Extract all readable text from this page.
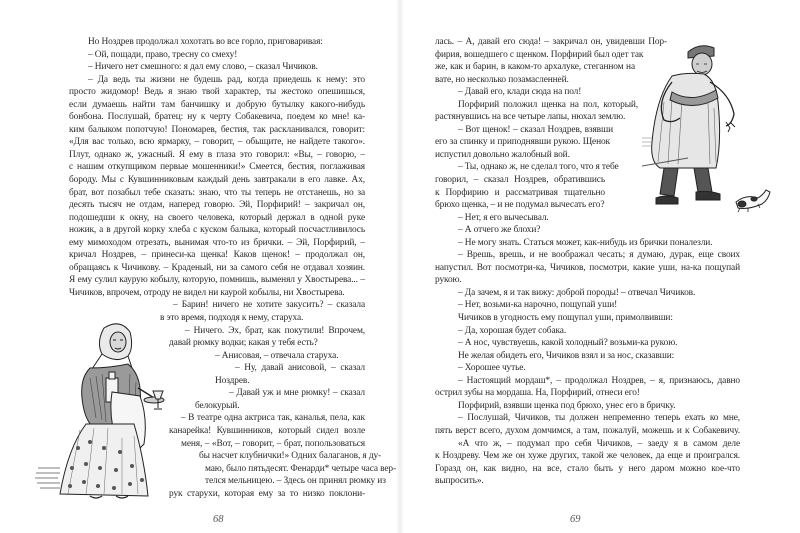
Но Ноздрев продолжал хохотать во все горло, приговаривая:
– Ой, пощади, право, тресну со смеху!
– Ничего нет смешного: я дал ему слово, – сказал Чичиков.
– Да ведь ты жизни не будешь рад, когда приедешь к нему: это
просто жидомор! Ведь я знаю твой характер, ты жестоко опешишься,
если думаешь найти там банчишку и добрую бутылку какого-нибудь
бонбона. Послушай, братец: ну к черту Собакевича, поедем ко мне! ка-
ким балыком попотчую! Пономарев, бестия, так раскланивался, говорит:
«Для вас только, всю ярмарку, – говорит, – обыщите, не найдете такого».
Плут, однако ж, ужасный. Я ему в глаза это говорил: «Вы, – говорю, –
с нашим откупщиком первые мошенники!» Смеется, бестия, поглаживая
бороду. Мы с Кувшинниковым каждый день завтракали в его лавке. Ах,
брат, вот позабыл тебе сказать: знаю, что ты теперь не отстанешь, но за
десять тысяч не отдам, наперед говорю. Эй, Порфирий! – закричал он,
подошедши к окну, на своего человека, который держал в одной руке
ножик, а в другой корку хлеба с куском балыка, который посчастливилось
ему мимоходом отрезать, вынимая что-то из брички. – Эй, Порфирий, –
кричал Ноздрев, – принеси-ка щенка! Каков щенок! – продолжал он,
обращаясь к Чичикову. – Краденый, ни за самого себя не отдавал хозяин.
Я ему сулил каурую кобылу, которую, помнишь, выменял у Хвостырева... –
Чичиков, впрочем, отроду не видел ни каурой кобылы, ни Хвостырева.
– Барин! ничего не хотите закусить? – сказала
в это время, подходя к нему, старуха.
– Ничего. Эх, брат, как покутили! Впрочем,
давай рюмку водки; какая у тебя есть?
– Анисовая, – отвечала старуха.
– Ну, давай анисовой, – сказал
Ноздрев.
– Давай уж и мне рюмку! – сказал
белокурый.
– В театре одна актриса так, каналья, пела, как
канарейка! Кувшинников, который сидел возле
меня, – «Вот, – говорит, – брат, попользоваться
бы насчет клубнички!» Одних балаганов, я ду-
маю, было пятьдесят. Фенарди* четыре часа вер-
телся мельницею. – Здесь он принял рюмку из
рук старухи, которая ему за то низко поклони-
лась. – А, давай его сюда! – закричал он, увидевши Пор-
фирия, вошедшего с щенком. Порфирий был одет так
же, как и барин, в каком-то архалуке, стеганном на
вате, но несколько позамасленней.
– Давай его, клади сюда на пол!
Порфирий положил щенка на пол, который,
растянувшись на все четыре лапы, нюхал землю.
– Вот щенок! – сказал Ноздрев, взявши
его за спинку и приподнявши рукою. Щенок
испустил довольно жалобный вой.
– Ты, однако ж, не сделал того, что я тебе
говорил, – сказал Ноздрев, обратившись
к Порфирию и рассматривая тщательно
брюхо щенка, – и не подумал вычесать его?
– Нет, я его вычесывал.
– А отчего же блохи?
– Не могу знать. Статься может, как-нибудь из брички поналезли.
– Врешь, врешь, и не воображал чесать; я думаю, дурак, еще своих
напустил. Вот посмотри-ка, Чичиков, посмотри, какие уши, на-ка пощупай
рукою.
– Да зачем, я и так вижу: доброй породы! – отвечал Чичиков.
– Нет, возьми-ка нарочно, пощупай уши!
Чичиков в угодность ему пощупал уши, примолвивши:
– Да, хорошая будет собака.
– А нос, чувствуешь, какой холодный? возьми-ка рукою.
Не желая обидеть его, Чичиков взял и за нос, сказавши:
– Хорошее чутье.
– Настоящий мордаш*, – продолжал Ноздрев, – я, признаюсь, давно
острил зубы на мордаша. На, Порфирий, отнеси его!
Порфирий, взявши щенка под брюхо, унес его в бричку.
– Послушай, Чичиков, ты должен непременно теперь ехать ко мне,
пять верст всего, духом домчимся, а там, пожалуй, можешь и к Собакевичу.
«А что ж, – подумал про себя Чичиков, – заеду я в самом деле
к Ноздреву. Чем же он хуже других, такой же человек, да еще и проигрался.
Горазд он, как видно, на все, стало быть у него даром можно кое-что
выпросить».
68	69
